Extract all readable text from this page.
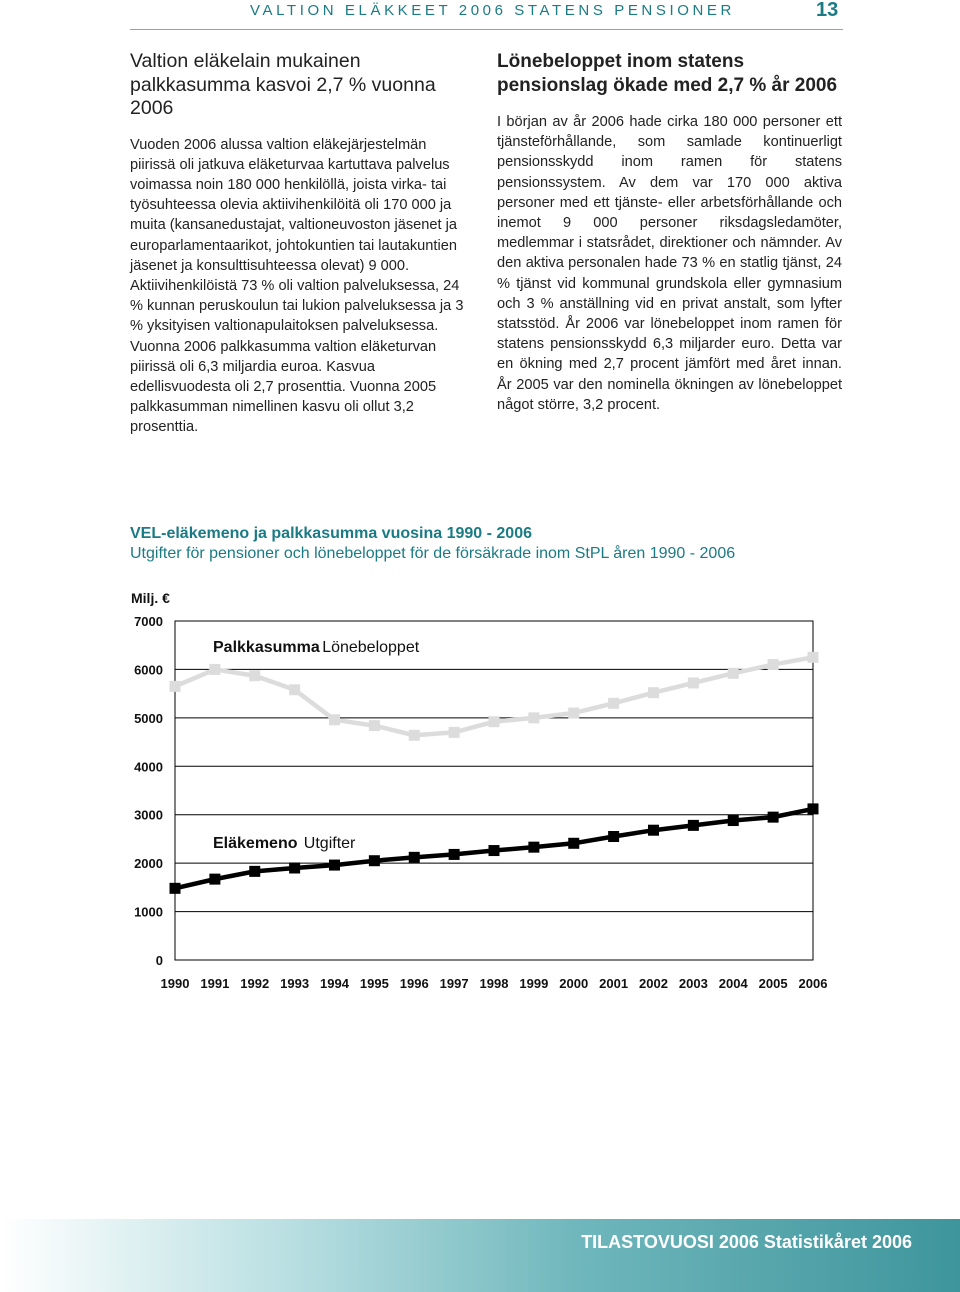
VALTION ELÄKKEET 2006 STATENS PENSIONER	13
Valtion eläkelain mukainen palkkasumma kasvoi 2,7 % vuonna 2006

Vuoden 2006 alussa valtion eläkejärjestelmän piirissä oli jatkuva eläketurvaa kartuttava palvelus voimassa noin 180 000 henkilöllä, joista virka- tai työsuhteessa olevia aktiivihenkilöitä oli 170 000 ja muita (kansanedustajat, valtioneuvoston jäsenet ja europarlamentaarikot, johtokuntien tai lautakuntien jäsenet ja konsulttisuhteessa olevat) 9 000. Aktiivihenkilöistä 73 % oli valtion palveluksessa, 24 % kunnan peruskoulun tai lukion palveluksessa ja 3 % yksityisen valtionapulaitoksen palveluksessa. Vuonna 2006 palkkasumma valtion eläketurvan piirissä oli 6,3 miljardia euroa. Kasvua edellisvuodesta oli 2,7 prosenttia. Vuonna 2005 palkkasumman nimellinen kasvu oli ollut 3,2 prosenttia.

Lönebeloppet inom statens pensionslag ökade med 2,7 % år 2006

I början av år 2006 hade cirka 180 000 personer ett tjänsteförhållande, som samlade kontinuerligt pensionsskydd inom ramen för statens pensionssystem. Av dem var 170 000 aktiva personer med ett tjänste- eller arbetsförhållande och inemot 9 000 personer riksdagsledamöter, medlemmar i statsrådet, direktioner och nämnder. Av den aktiva personalen hade 73 % en statlig tjänst, 24 % tjänst vid kommunal grundskola eller gymnasium och 3 % anställning vid en privat anstalt, som lyfter statsstöd. År 2006 var lönebeloppet inom ramen för statens pensionsskydd 6,3 miljarder euro. Detta var en ökning med 2,7 procent jämfört med året innan. År 2005 var den nominella ökningen av lönebeloppet något större, 3,2 procent.

VEL-eläkemeno ja palkkasumma vuosina 1990 - 2006
Utgifter för pensioner och lönebeloppet för de försäkrade inom StPL åren 1990 - 2006
0
1000
2000
3000
4000
5000
6000
7000
Milj. €
1990 1991 1992 1993 1994 1995 1996 1997 1998 1999 2000 2001 2002 2003 2004 2005 2006
Palkkasumma Lönebeloppet
Eläkemeno Utgifter
TILASTOVUOSI 2006 Statistikåret 2006
